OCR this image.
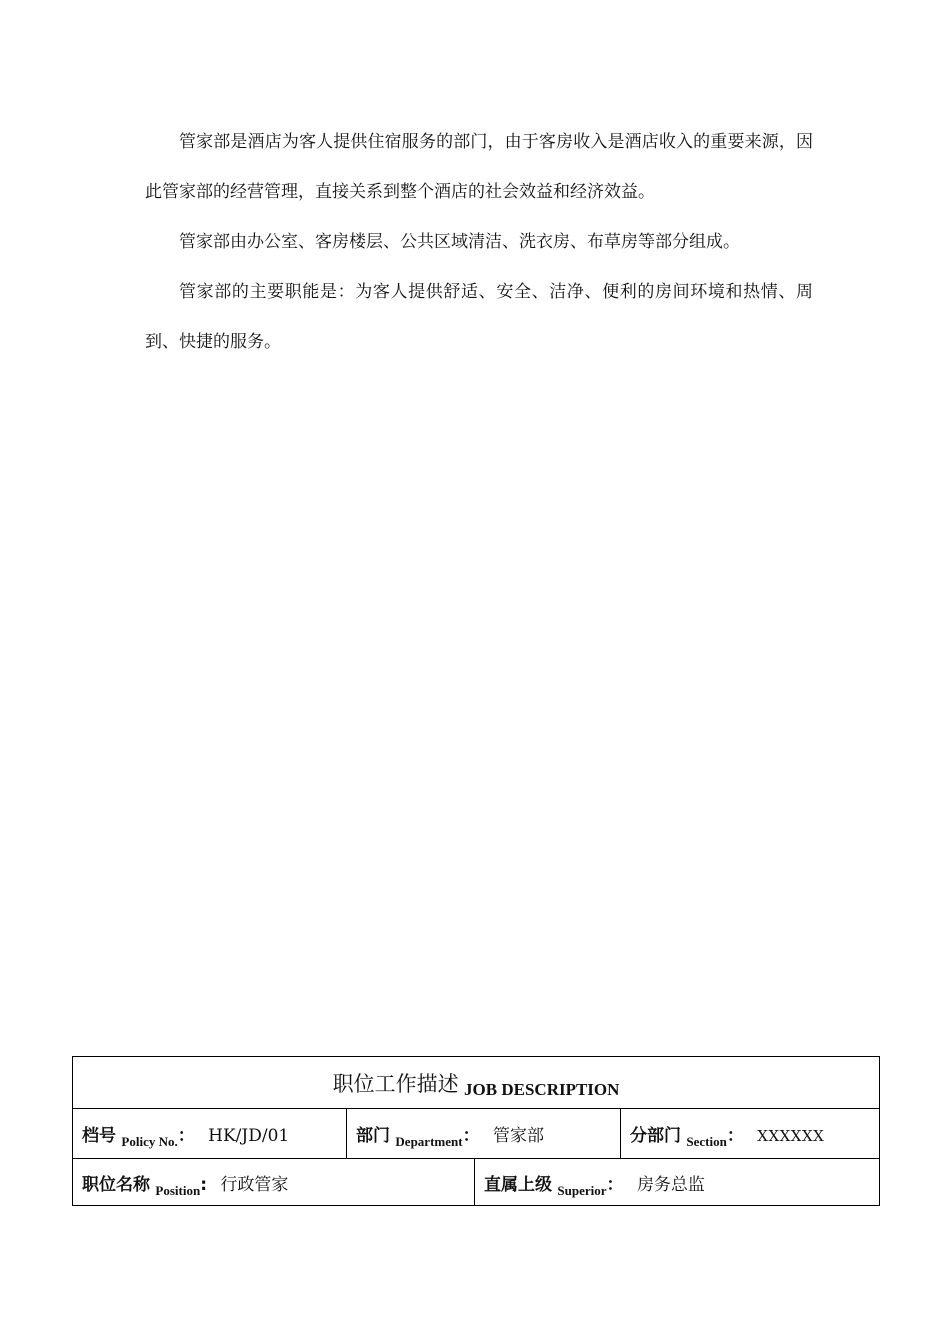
管家部是酒店为客人提供住宿服务的部门，由于客房收入是酒店收入的重要来源，因此管家部的经营管理，直接关系到整个酒店的社会效益和经济效益。

管家部由办公室、客房楼层、公共区域清洁、洗衣房、布草房等部分组成。

管家部的主要职能是：为客人提供舒适、安全、洁净、便利的房间环境和热情、周到、快捷的服务。

职位工作描述 JOB DESCRIPTION			
档号 $_{Policy No.}$： HK/JD/01	部门 $_{Department}$： 管家部		分部门 $_{Section}$： XXXXXX
职位名称 $_{Position}$: 行政管家		直属上级 $_{Superior}$： 房务总监	
